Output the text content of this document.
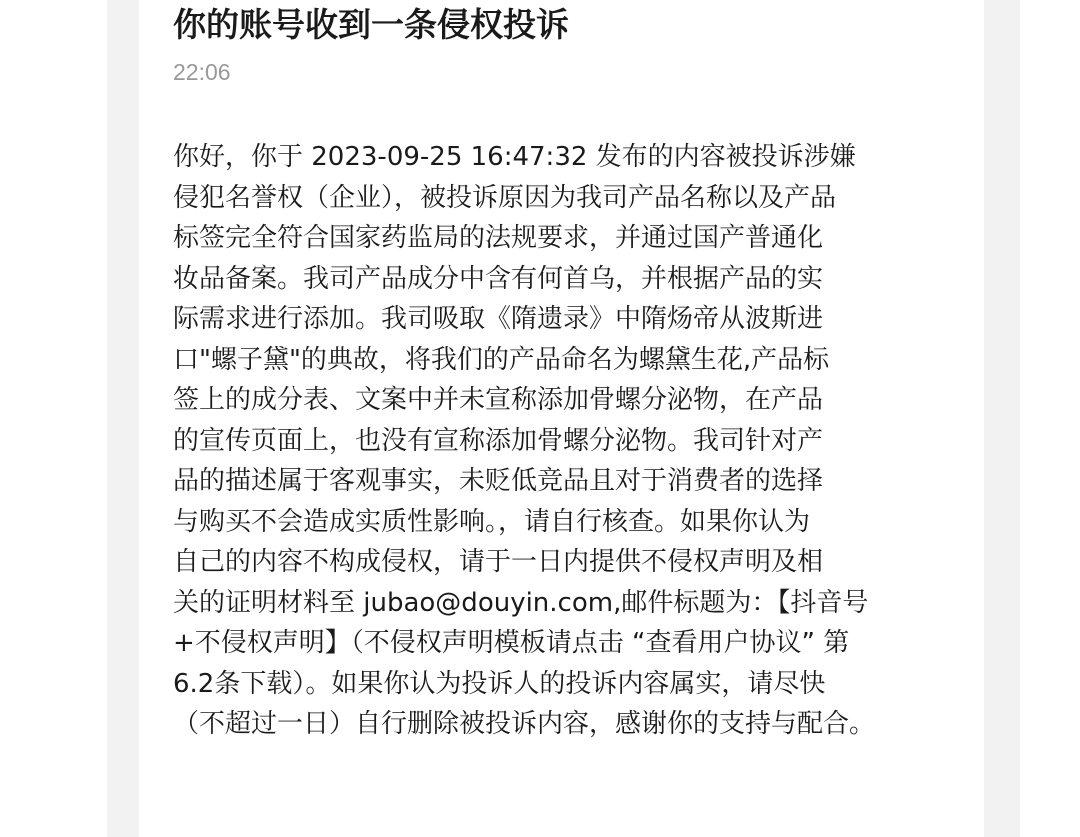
你的账号收到一条侵权投诉
22:06
你好，你于 2023-09-25 16:47:32 发布的内容被投诉涉嫌
侵犯名誉权（企业），被投诉原因为我司产品名称以及产品
标签完全符合国家药监局的法规要求，并通过国产普通化
妆品备案。我司产品成分中含有何首乌，并根据产品的实
际需求进行添加。我司吸取《隋遗录》中隋炀帝从波斯进
口"螺子黛"的典故，将我们的产品命名为螺黛生花,产品标
签上的成分表、文案中并未宣称添加骨螺分泌物，在产品
的宣传页面上，也没有宣称添加骨螺分泌物。我司针对产
品的描述属于客观事实，未贬低竞品且对于消费者的选择
与购买不会造成实质性影响。，请自行核查。如果你认为
自己的内容不构成侵权，请于一日内提供不侵权声明及相
关的证明材料至 jubao@douyin.com,邮件标题为：【抖音号
+不侵权声明】（不侵权声明模板请点击 “查看用户协议” 第
6.2条下载）。如果你认为投诉人的投诉内容属实，请尽快
（不超过一日）自行删除被投诉内容，感谢你的支持与配合。
